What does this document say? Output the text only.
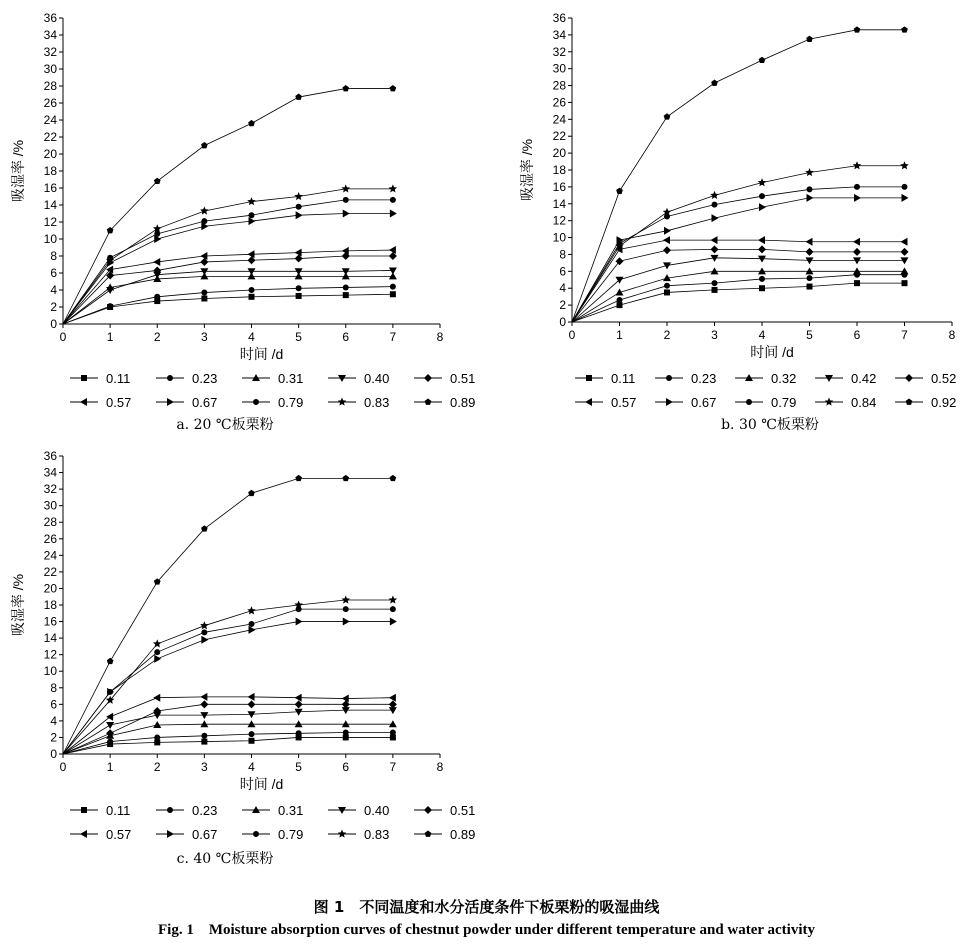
0	1	2	3	4	5	6	7	8
0
2
4
6
8
10
12
14
16
18
20
22
24
26
28
30
32
34
36
时间 /d
吸湿率 /%
0.11	0.23	0.31	0.40	0.51
0.57	0.67	0.79	0.83	0.89
a. 20 ℃板栗粉
0	1	2	3	4	5	6	7	8
0
2
4
6
8
10
12
14
16
18
20
22
24
26
28
30
32
34
36
时间 /d
吸湿率 /%
0.11	0.23	0.32	0.42	0.52
0.57	0.67	0.79	0.84	0.92
b. 30 ℃板栗粉
0	1	2	3	4	5	6	7	8
0
2
4
6
8
10
12
14
16
18
20
22
24
26
28
30
32
34
36
时间 /d
吸湿率 /%
0.11	0.23	0.31	0.40	0.51
0.57	0.67	0.79	0.83	0.89
c. 40 ℃板栗粉
图 1　不同温度和水分活度条件下板栗粉的吸湿曲线
Fig. 1　Moisture absorption curves of chestnut powder under different temperature and water activity
